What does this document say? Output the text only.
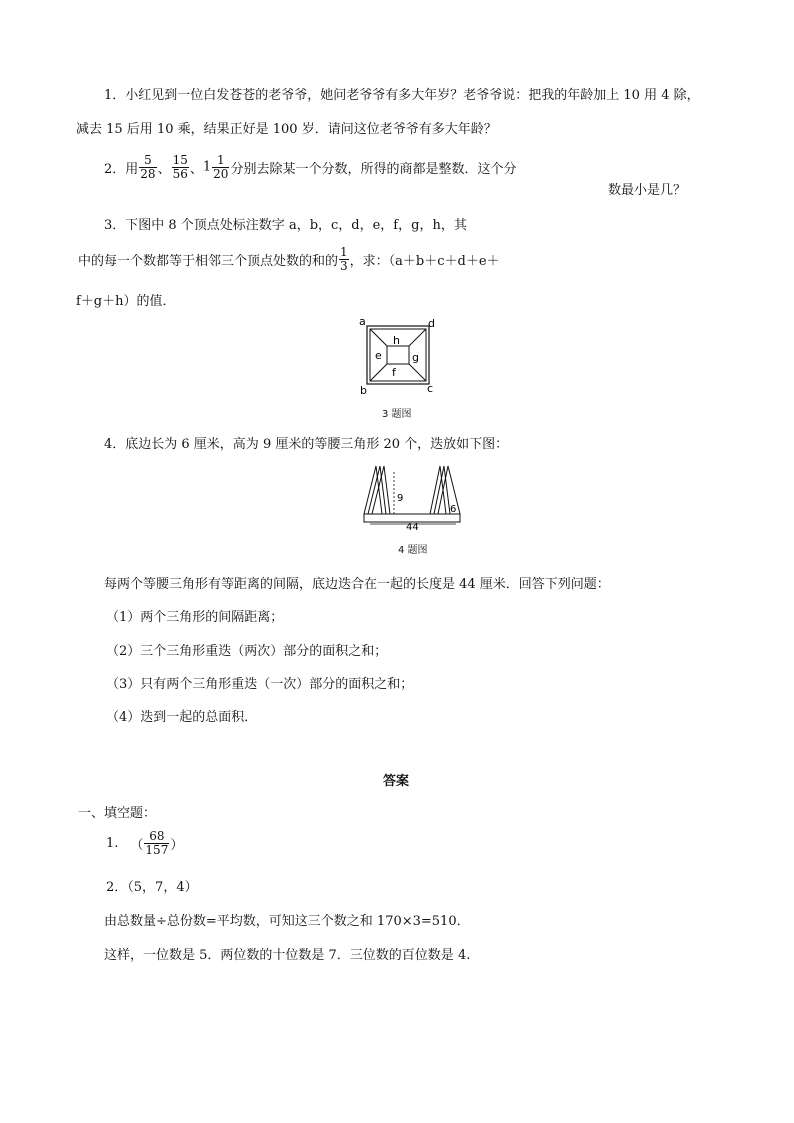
1．小红见到一位白发苍苍的老爷爷，她问老爷爷有多大年岁？老爷爷说：把我的年龄加上 10 用 4 除，
减去 15 后用 10 乘，结果正好是 100 岁．请问这位老爷爷有多大年龄？
2．用 $\frac{5}{28}$ 、 $\frac{15}{56}$ 、 $1 \frac{1}{20}$ 分别去除某一个分数，所得的商都是整数．这个分
数最小是几？
3．下图中 8 个顶点处标注数字 a，b，c，d，e，f，g，h，其
中的每一个数都等于相邻三个顶点处数的和的 $\frac{1}{3}$ ，求：（a＋b＋c＋d＋e＋
f＋g＋h）的值．
a	d
b	c
h
e	g
f
3 题图
4．底边长为 6 厘米，高为 9 厘米的等腰三角形 20 个，迭放如下图：
9
44
6
4 题图
每两个等腰三角形有等距离的间隔，底边迭合在一起的长度是 44 厘米．回答下列问题：
（1）两个三角形的间隔距离；
（2）三个三角形重迭（两次）部分的面积之和；
（3）只有两个三角形重迭（一次）部分的面积之和；
（4）迭到一起的总面积．
答案
一、填空题：
1. （ $\frac{68}{157}$ ）
2．（5，7，4）
由总数量÷总份数=平均数，可知这三个数之和 170×3=510．
这样，一位数是 5．两位数的十位数是 7．三位数的百位数是 4.
